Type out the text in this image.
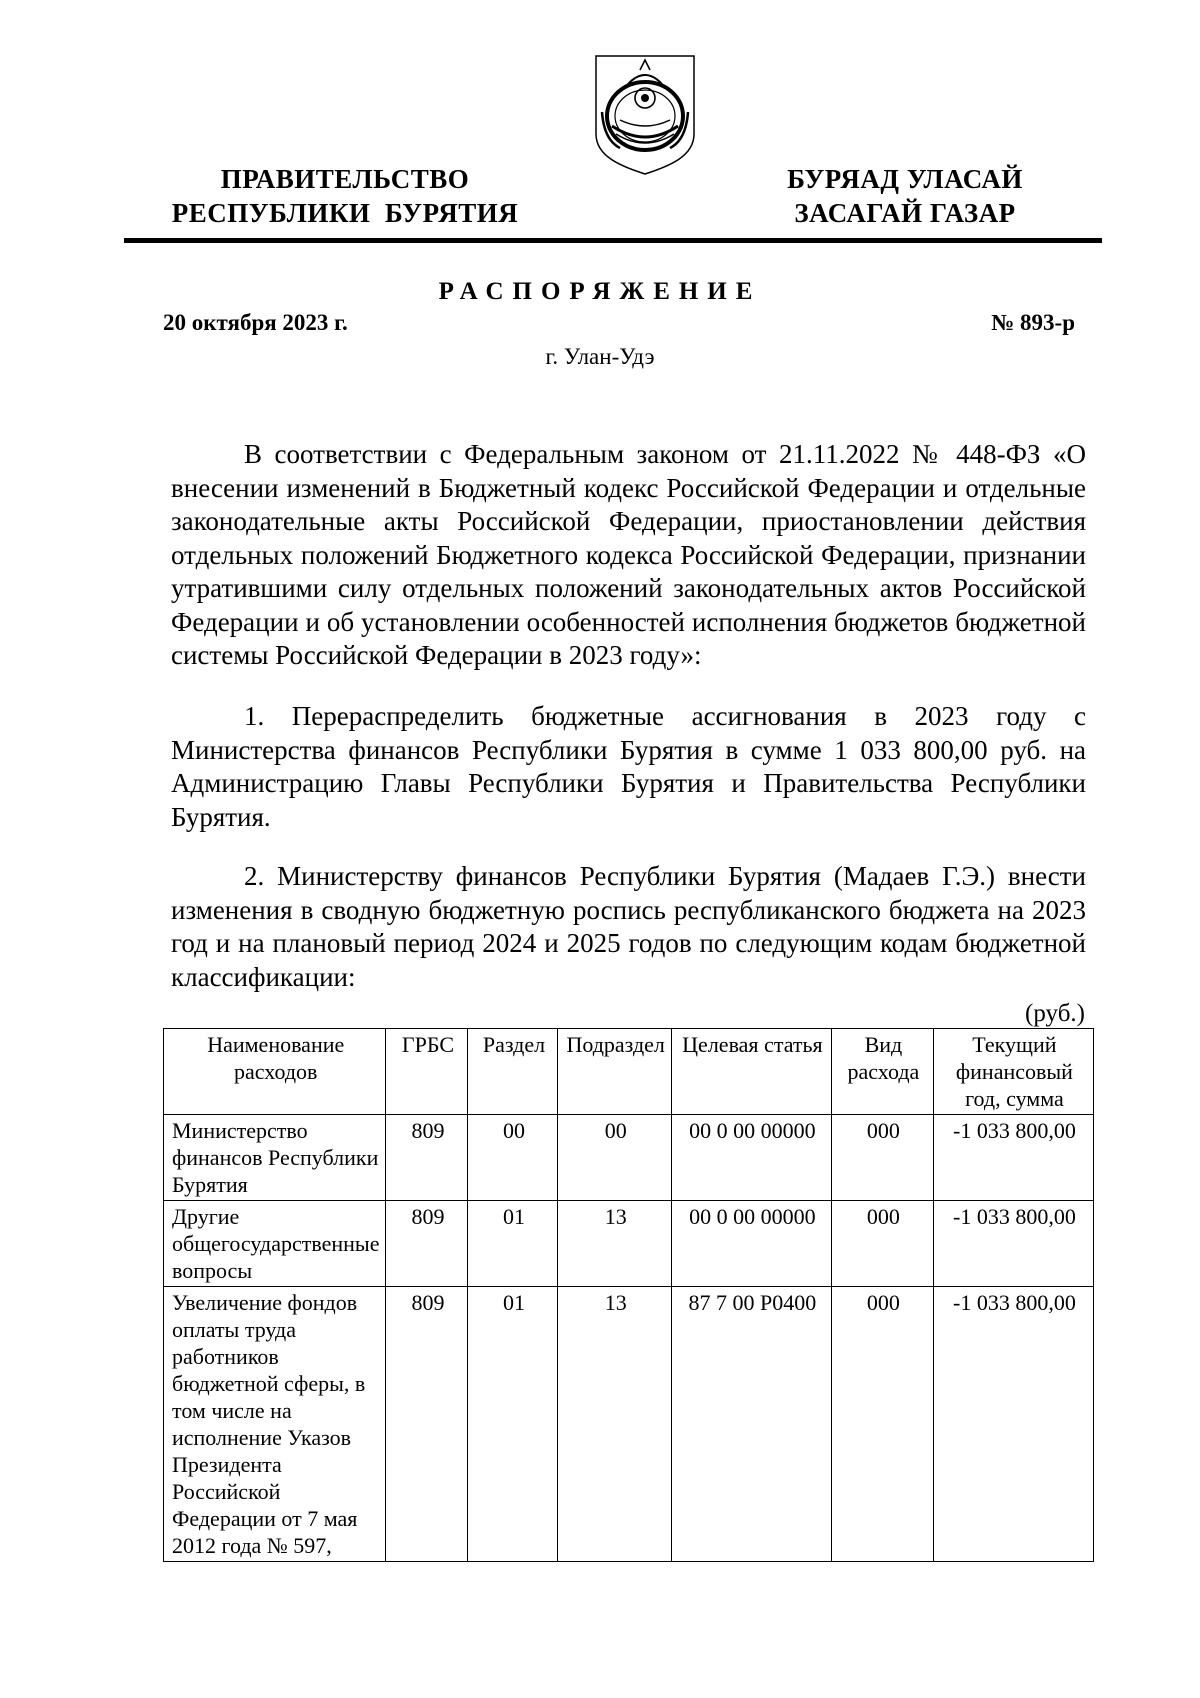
ПРАВИТЕЛЬСТВО
РЕСПУБЛИКИ  БУРЯТИЯ
БУРЯАД УЛАСАЙ
ЗАСАГАЙ ГАЗАР
РАСПОРЯЖЕНИЕ
20 октября 2023 г.	№ 893-р
г. Улан-Удэ
В соответствии с Федеральным законом от 21.11.2022 № 448-ФЗ «О внесении изменений в Бюджетный кодекс Российской Федерации и отдельные законодательные акты Российской Федерации, приостановлении действия отдельных положений Бюджетного кодекса Российской Федерации, признании утратившими силу отдельных положений законодательных актов Российской Федерации и об установлении особенностей исполнения бюджетов бюджетной системы Российской Федерации в 2023 году»:
1. Перераспределить бюджетные ассигнования в 2023 году с Министерства финансов Республики Бурятия в сумме 1 033 800,00 руб. на Администрацию Главы Республики Бурятия и Правительства Республики Бурятия.
2. Министерству финансов Республики Бурятия (Мадаев Г.Э.) внести изменения в сводную бюджетную роспись республиканского бюджета на 2023 год и на плановый период 2024 и 2025 годов по следующим кодам бюджетной классификации:
(руб.)
Наименование расходов	ГРБС	Раздел	Подраздел	Целевая статья	Вид расхода	Текущий финансовый год, сумма
Министерство финансов Республики Бурятия	809	00	00	00 0 00 00000	000	-1 033 800,00
Другие общегосударственные вопросы	809	01	13	00 0 00 00000	000	-1 033 800,00
Увеличение фондов оплаты труда работников бюджетной сферы, в том числе на исполнение Указов Президента Российской Федерации от 7 мая 2012 года № 597,	809	01	13	87 7 00 Р0400	000	-1 033 800,00
